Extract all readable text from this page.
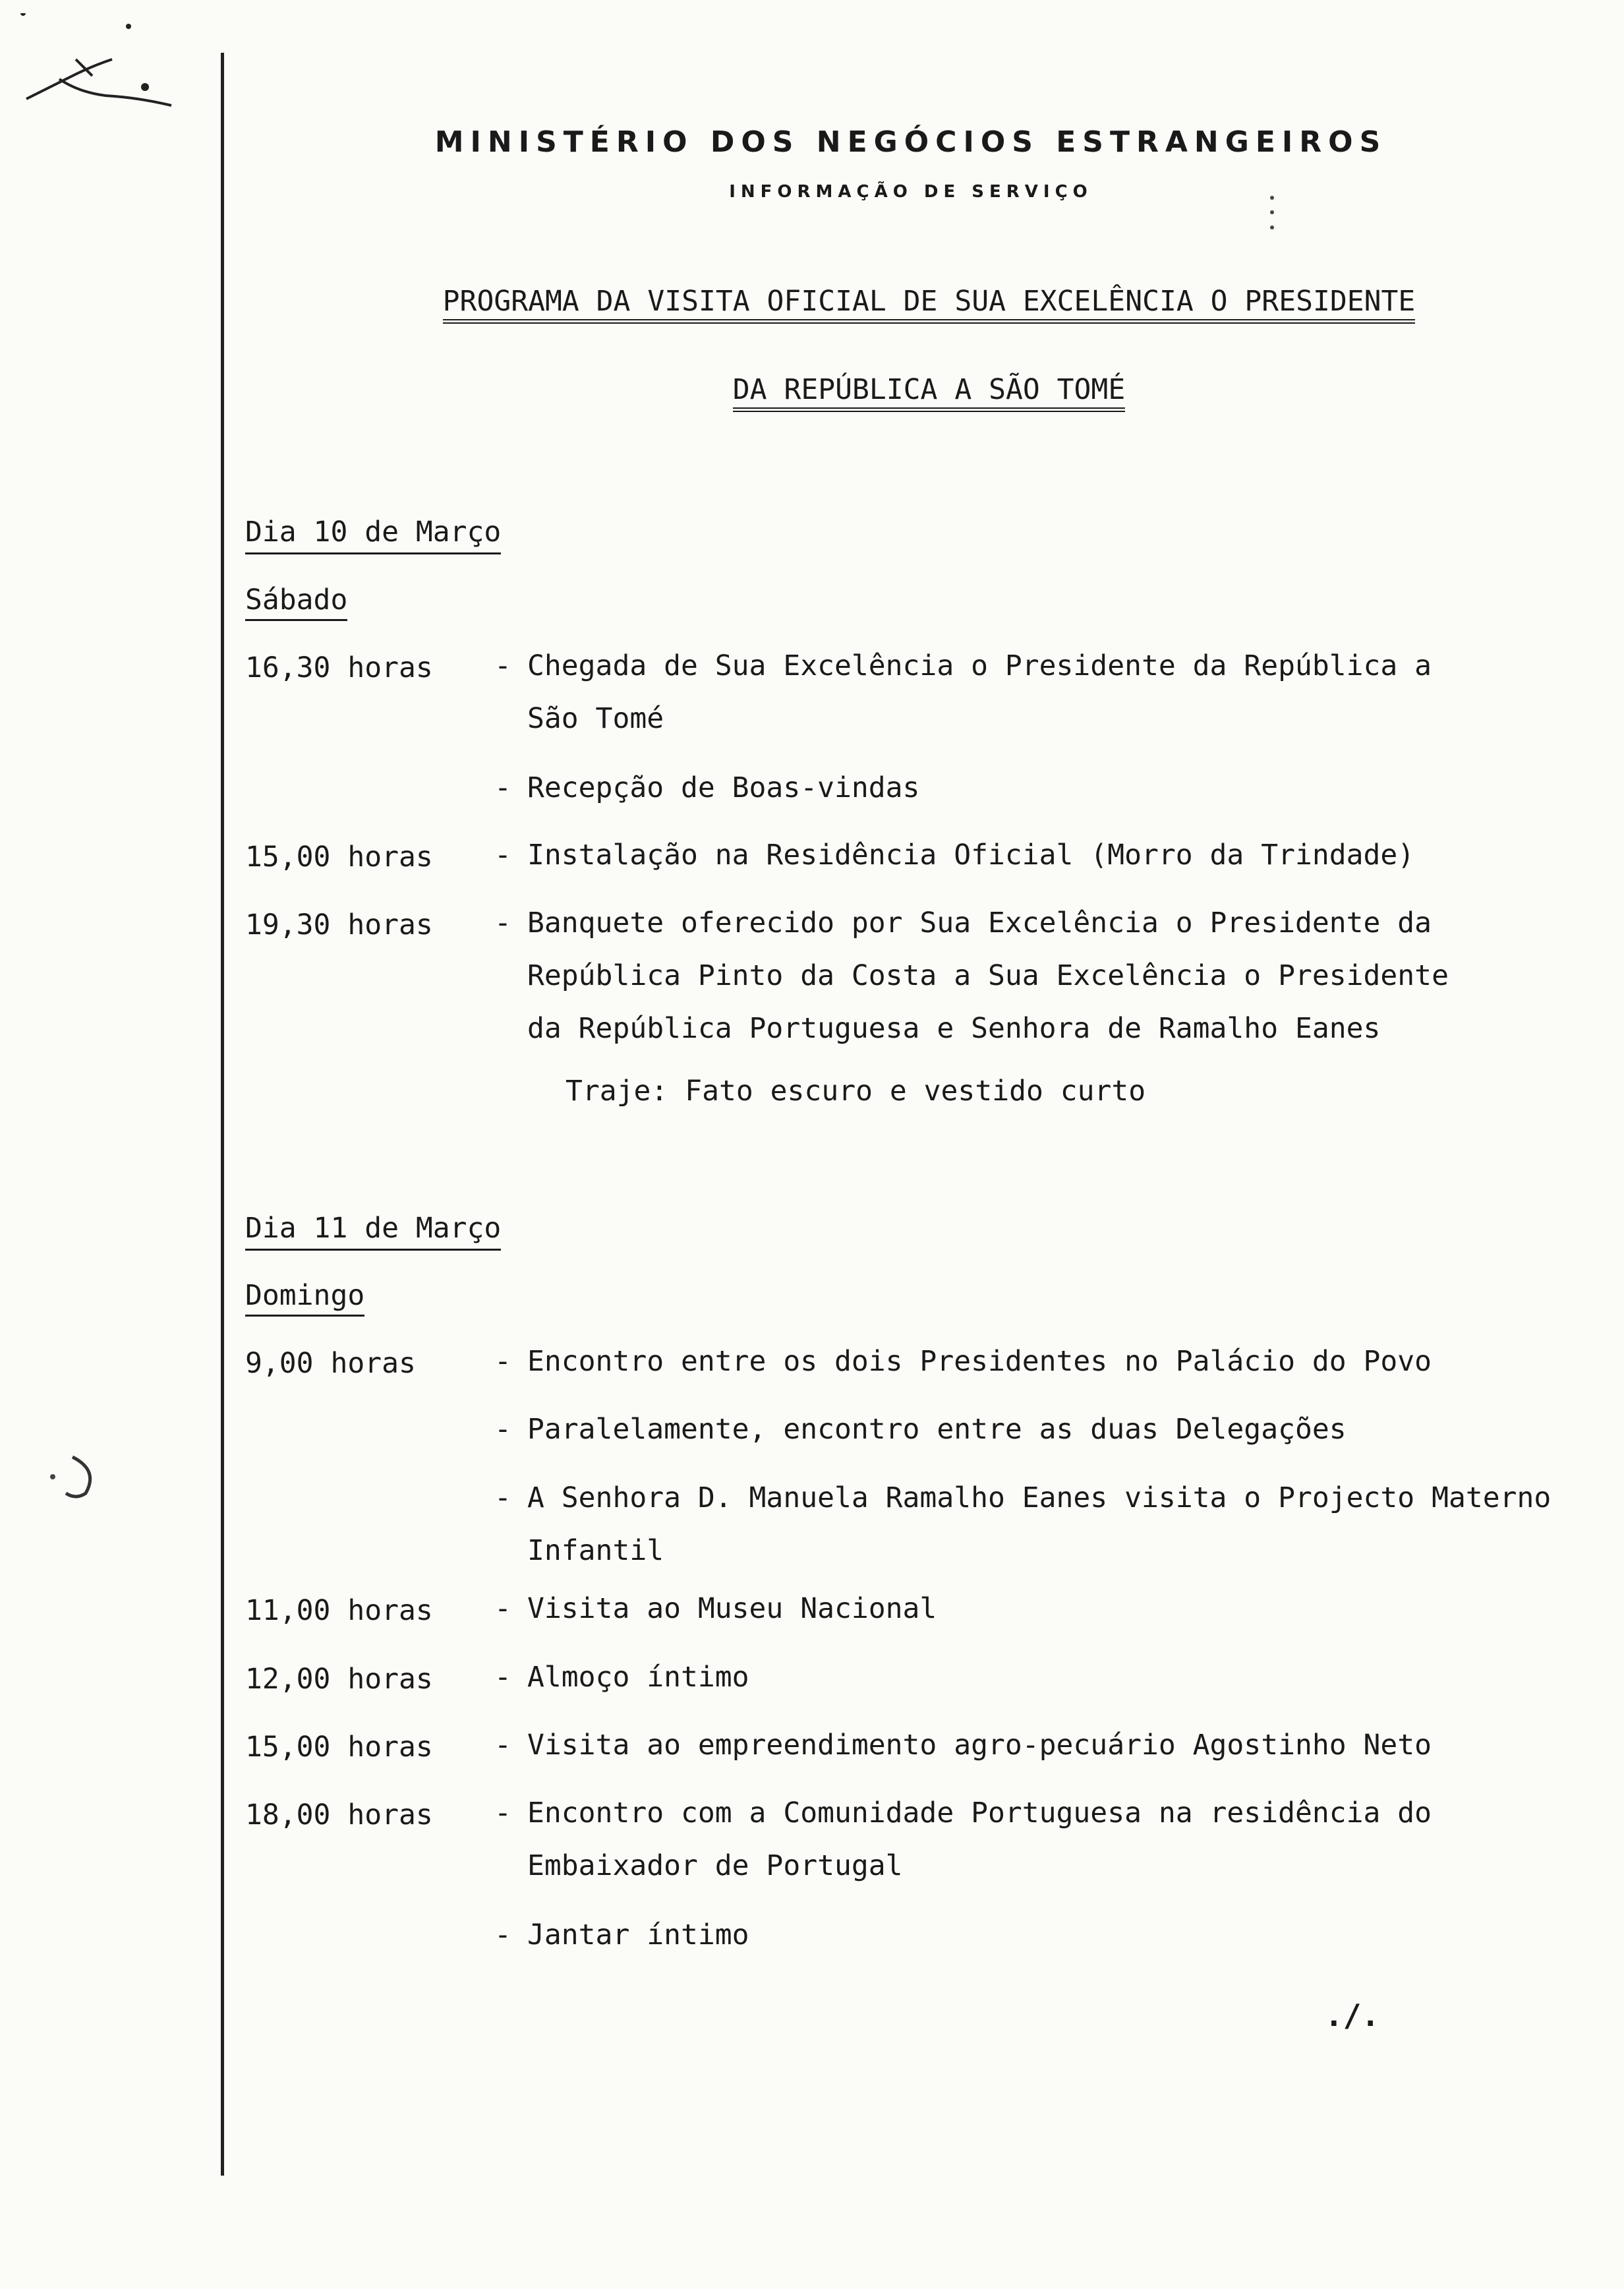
MINISTÉRIO DOS NEGÓCIOS ESTRANGEIROS
INFORMAÇÃO DE SERVIÇO
PROGRAMA DA VISITA OFICIAL DE SUA EXCELÊNCIA O PRESIDENTE
DA REPÚBLICA A SÃO TOMÉ
Dia 10 de Março
Sábado
16,30 horas - Chegada de Sua Excelência o Presidente da República a
São Tomé
- Recepção de Boas-vindas
15,00 horas - Instalação na Residência Oficial (Morro da Trindade)
19,30 horas - Banquete oferecido por Sua Excelência o Presidente da
República Pinto da Costa a Sua Excelência o Presidente
da República Portuguesa e Senhora de Ramalho Eanes
Traje: Fato escuro e vestido curto
Dia 11 de Março
Domingo
9,00 horas	- Encontro entre os dois Presidentes no Palácio do Povo
- Paralelamente, encontro entre as duas Delegações
- A Senhora D. Manuela Ramalho Eanes visita o Projecto Materno
Infantil
11,00 horas - Visita ao Museu Nacional
12,00 horas - Almoço íntimo
15,00 horas - Visita ao empreendimento agro-pecuário Agostinho Neto
18,00 horas - Encontro com a Comunidade Portuguesa na residência do
Embaixador de Portugal
- Jantar íntimo
./.
